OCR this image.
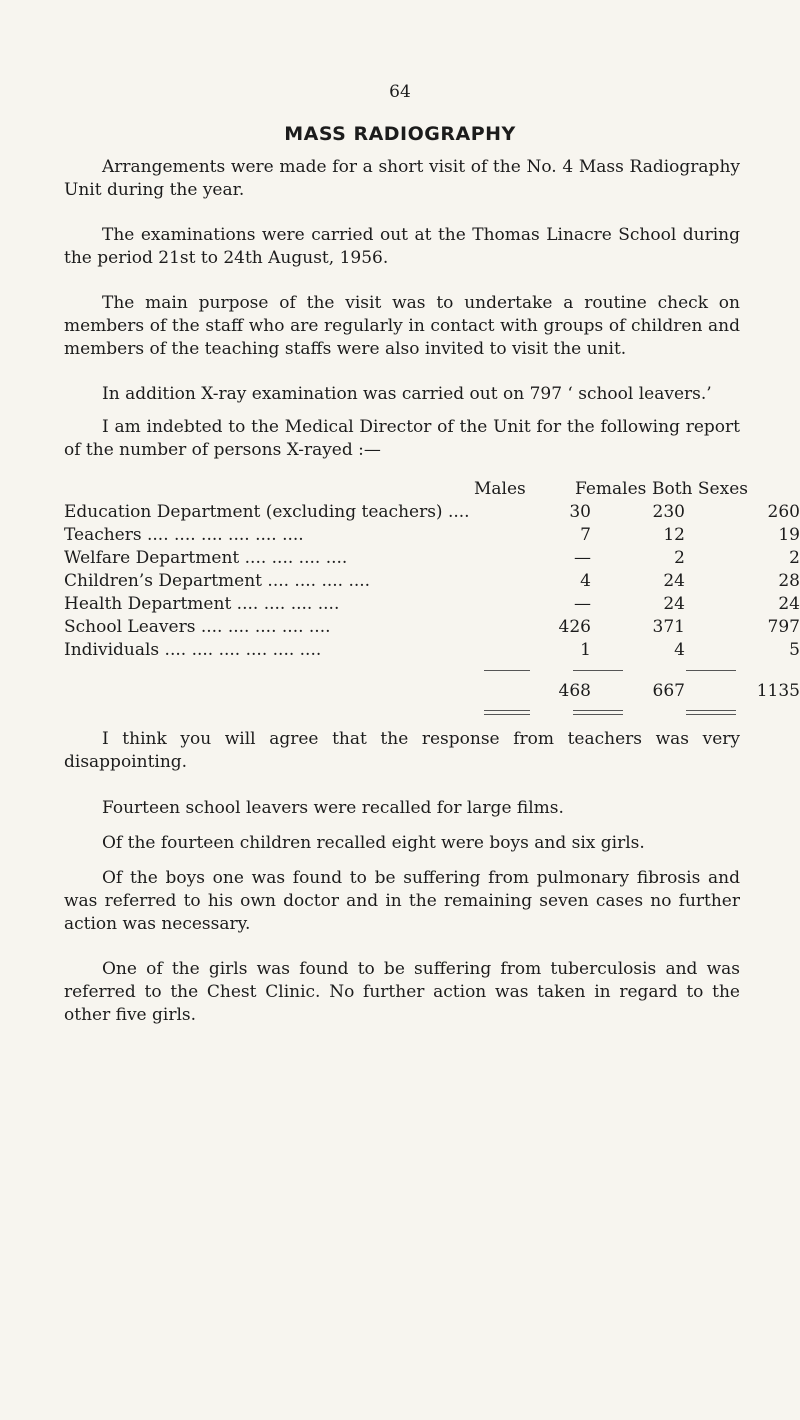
64
MASS RADIOGRAPHY

Arrangements were made for a short visit of the No. 4 Mass Radiography Unit during the year.

The examinations were carried out at the Thomas Linacre School during the period 21st to 24th August, 1956.

The main purpose of the visit was to undertake a routine check on members of the staff who are regularly in contact with groups of children and members of the teaching staffs were also invited to visit the unit.

In addition X-ray examination was carried out on 797 ‘ school leavers.’

I am indebted to the Medical Director of the Unit for the following report of the number of persons X-rayed :—

Males	Females Both Sexes
Education Department (excluding teachers) ....	30	230	260
Teachers .... .... .... .... .... ....	7	12	19
Welfare Department .... .... .... ....	—	2	2
Children’s Department .... .... .... ....	4	24	28
Health Department .... .... .... ....	—	24	24
School Leavers .... .... .... .... ....	426	371	797
Individuals .... .... .... .... .... ....	1	4	5
468	667	1135

I think you will agree that the response from teachers was very disappointing.

Fourteen school leavers were recalled for large films.

Of the fourteen children recalled eight were boys and six girls.

Of the boys one was found to be suffering from pulmonary fibrosis and was referred to his own doctor and in the remaining seven cases no further action was necessary.

One of the girls was found to be suffering from tuberculosis and was referred to the Chest Clinic. No further action was taken in regard to the other five girls.
